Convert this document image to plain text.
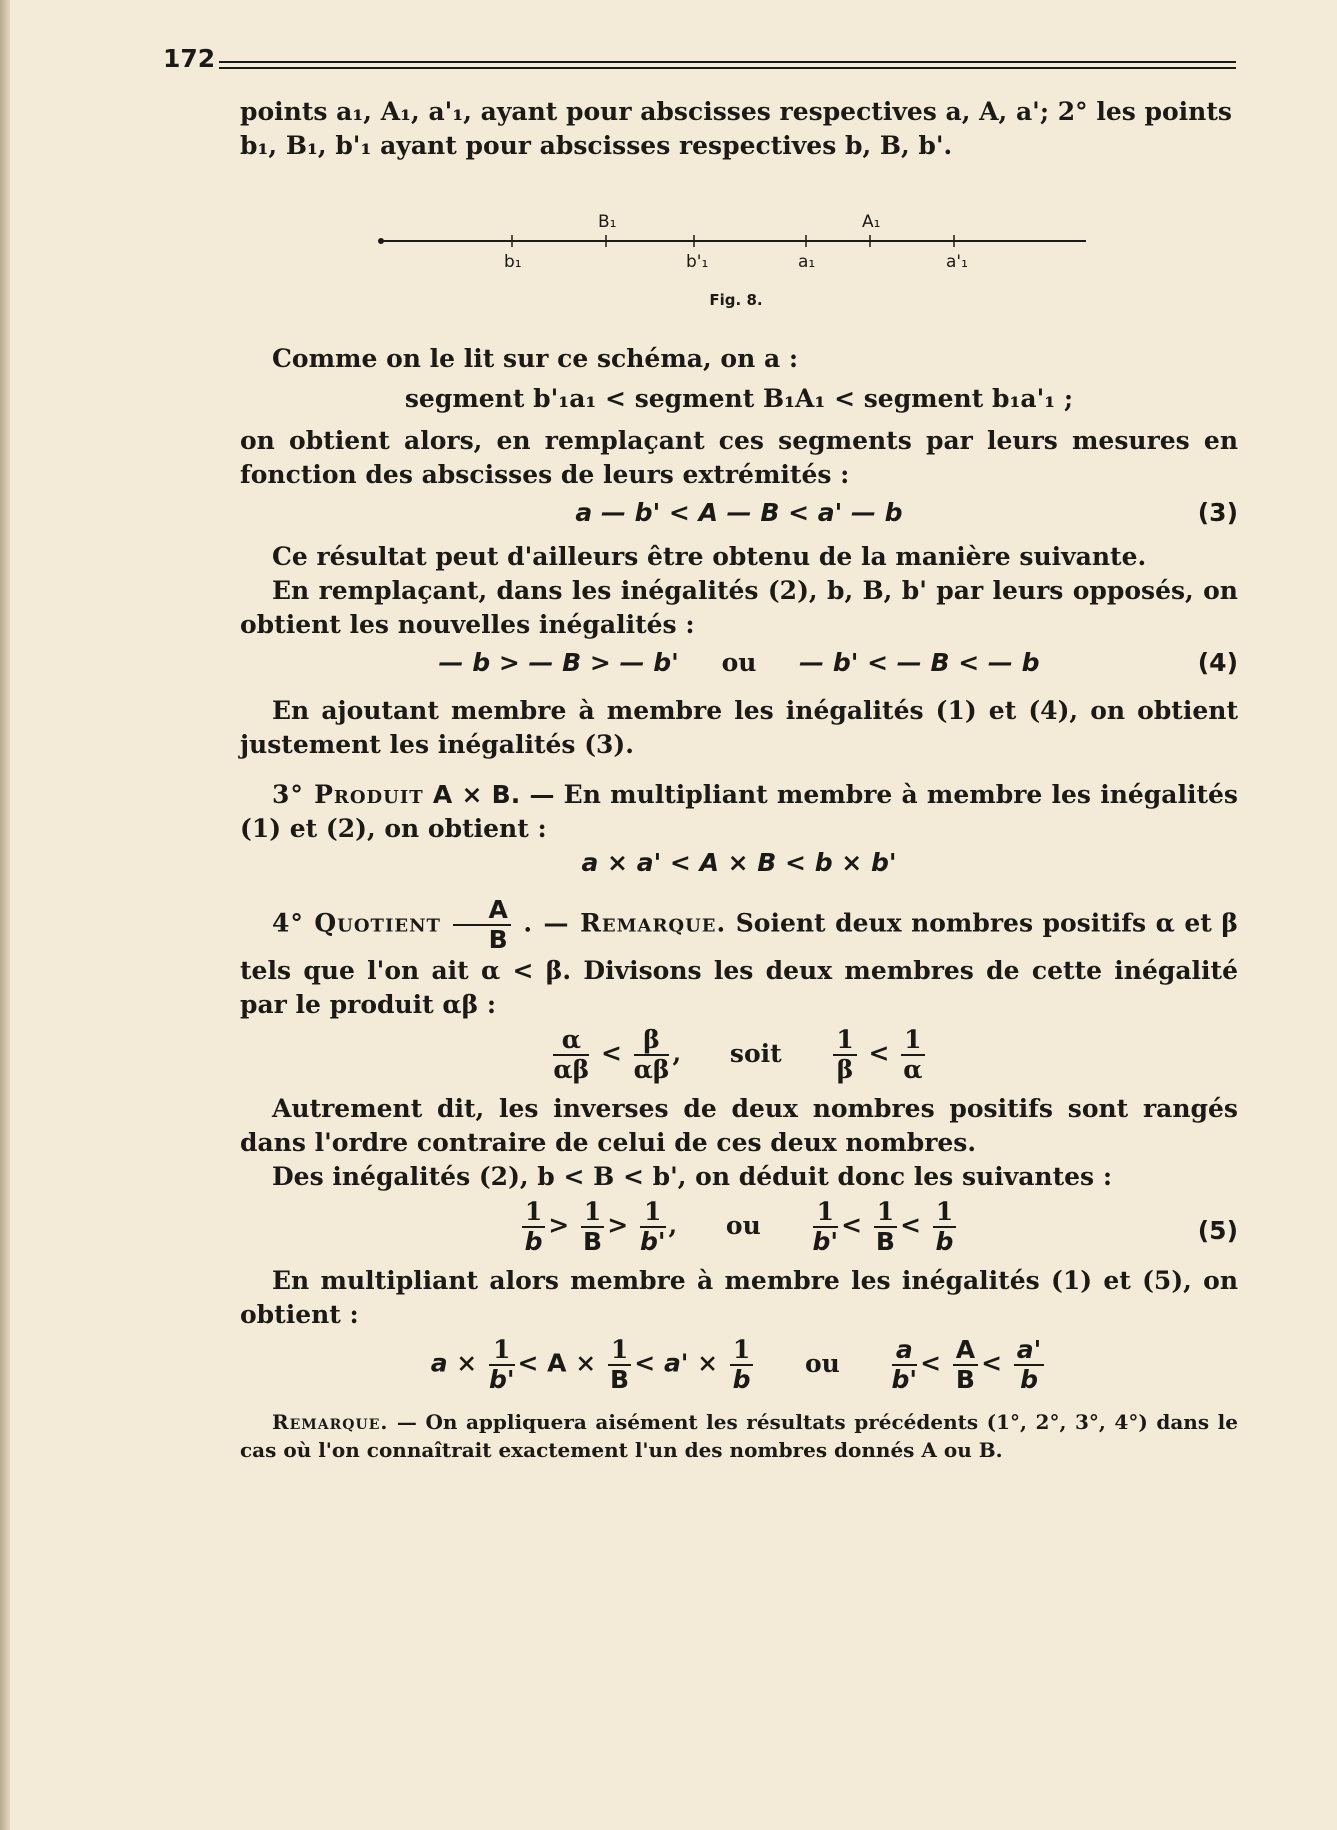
172

points a₁, A₁, a'₁, ayant pour abscisses respectives a, A, a'; 2° les points

b₁, B₁, b'₁ ayant pour abscisses respectives b, B, b'.

B₁	A₁
b₁	b'₁	a₁	a'₁
Fig. 8.

Comme on le lit sur ce schéma, on a :

segment b'₁a₁ < segment B₁A₁ < segment b₁a'₁ ;

on obtient alors, en remplaçant ces segments par leurs mesures en fonction des abscisses de leurs extrémités :

a — b' < A — B < a' — b	(3)

Ce résultat peut d'ailleurs être obtenu de la manière suivante.

En remplaçant, dans les inégalités (2), b, B, b' par leurs opposés, on obtient les nouvelles inégalités :

— b > — B > — b' ou — b' < — B < — b	(4)

En ajoutant membre à membre les inégalités (1) et (4), on obtient justement les inégalités (3).

3° Produit A × B. — En multipliant membre à membre les inégalités (1) et (2), on obtient :

a × a' < A × B < b × b'

4° Quotient $\frac{A}{B}$ . — Remarque. Soient deux nombres positifs α et β tels que l'on ait α < β. Divisons les deux membres de cette inégalité par le produit αβ :

$\frac{\alpha}{\alpha\beta} < \frac{\beta}{\alpha\beta}$ , soit $\frac{1}{\beta} < \frac{1}{\alpha}$

Autrement dit, les inverses de deux nombres positifs sont rangés dans l'ordre contraire de celui de ces deux nombres.

Des inégalités (2), b < B < b', on déduit donc les suivantes :

$\frac{1}{b} > \frac{1}{B} > \frac{1}{b'}$ , ou $\frac{1}{b'} < \frac{1}{B} < \frac{1}{b}$	(5)

En multipliant alors membre à membre les inégalités (1) et (5), on obtient :

$a \times \frac{1}{b'} < A \times \frac{1}{B} < a' \times \frac{1}{b}$ ou $\frac{a}{b'} < \frac{A}{B} < \frac{a'}{b}$

Remarque. — On appliquera aisément les résultats précédents (1°, 2°, 3°, 4°) dans le cas où l'on connaîtrait exactement l'un des nombres donnés A ou B.
